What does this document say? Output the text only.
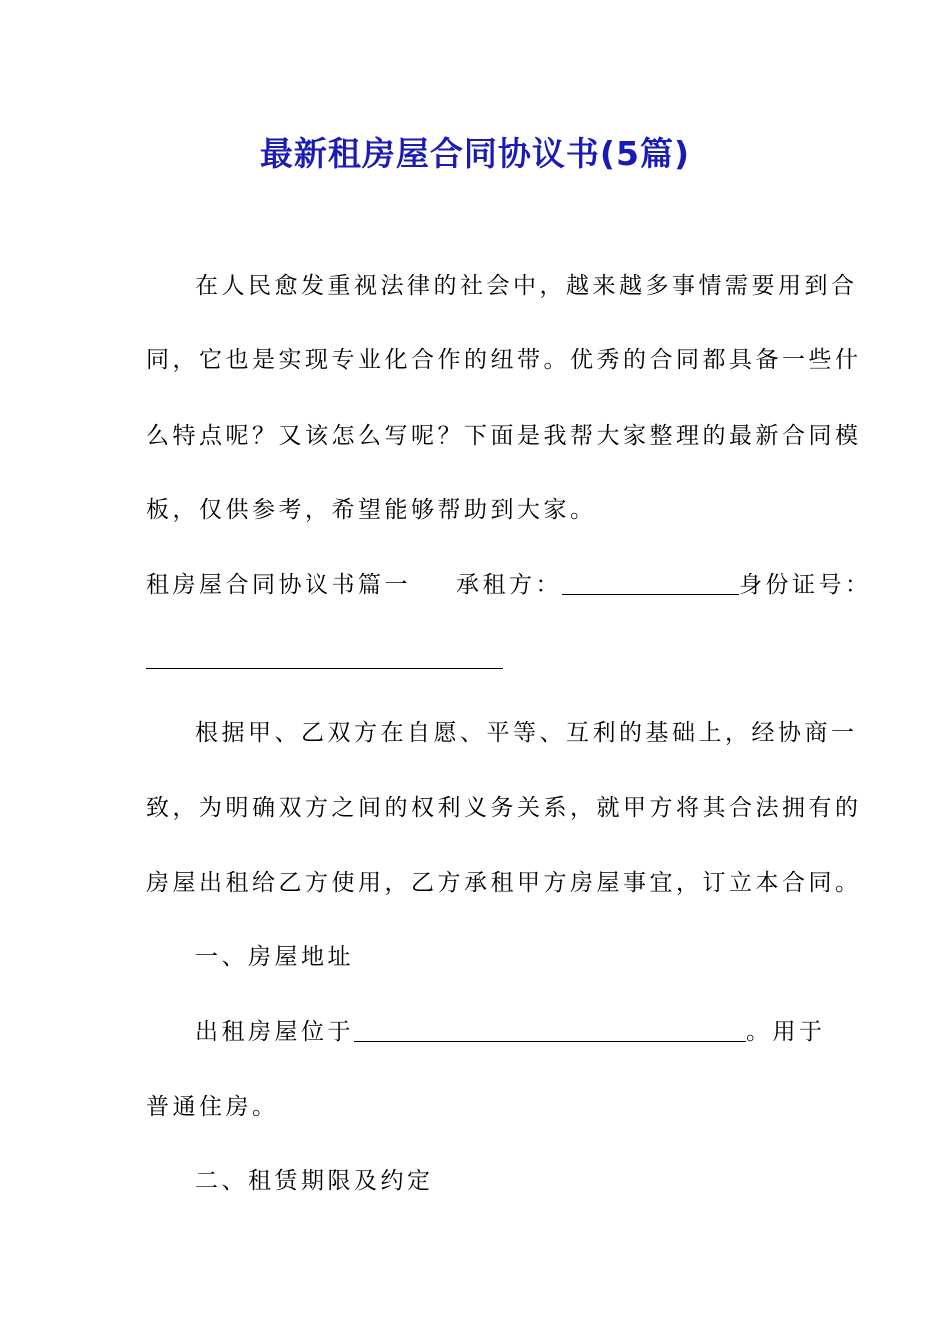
最新租房屋合同协议书(5篇)
在人民愈发重视法律的社会中，越来越多事情需要用到合
同，它也是实现专业化合作的纽带。优秀的合同都具备一些什
么特点呢？又该怎么写呢？下面是我帮大家整理的最新合同模
板，仅供参考，希望能够帮助到大家。
租房屋合同协议书篇一 承租方：	身份证号：
根据甲、乙双方在自愿、平等、互利的基础上，经协商一
致，为明确双方之间的权利义务关系，就甲方将其合法拥有的
房屋出租给乙方使用，乙方承租甲方房屋事宜，订立本合同。
一、房屋地址
出租房屋位于	。用于
普通住房。
二、租赁期限及约定
